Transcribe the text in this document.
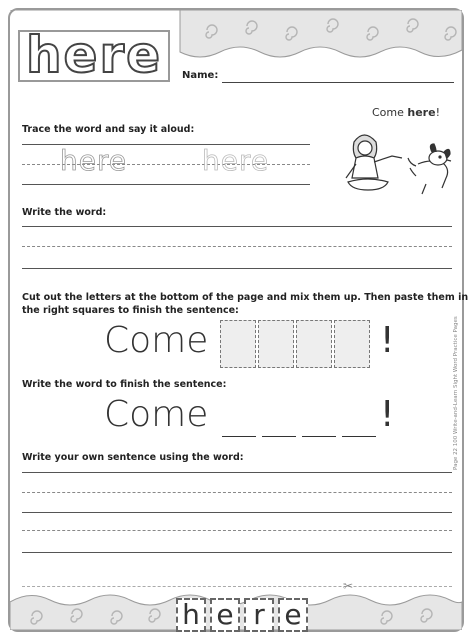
here	Name:
Come here!
Trace the word and say it aloud:
here	here
Write the word:
Cut out the letters at the bottom of the page and mix them up. Then paste them in
the right squares to finish the sentence:
Come	!
Write the word to finish the sentence:
Come	!
Write your own sentence using the word:
✂
h e r e
Page 22 100 Write-and-Learn Sight Word Practice Pages
